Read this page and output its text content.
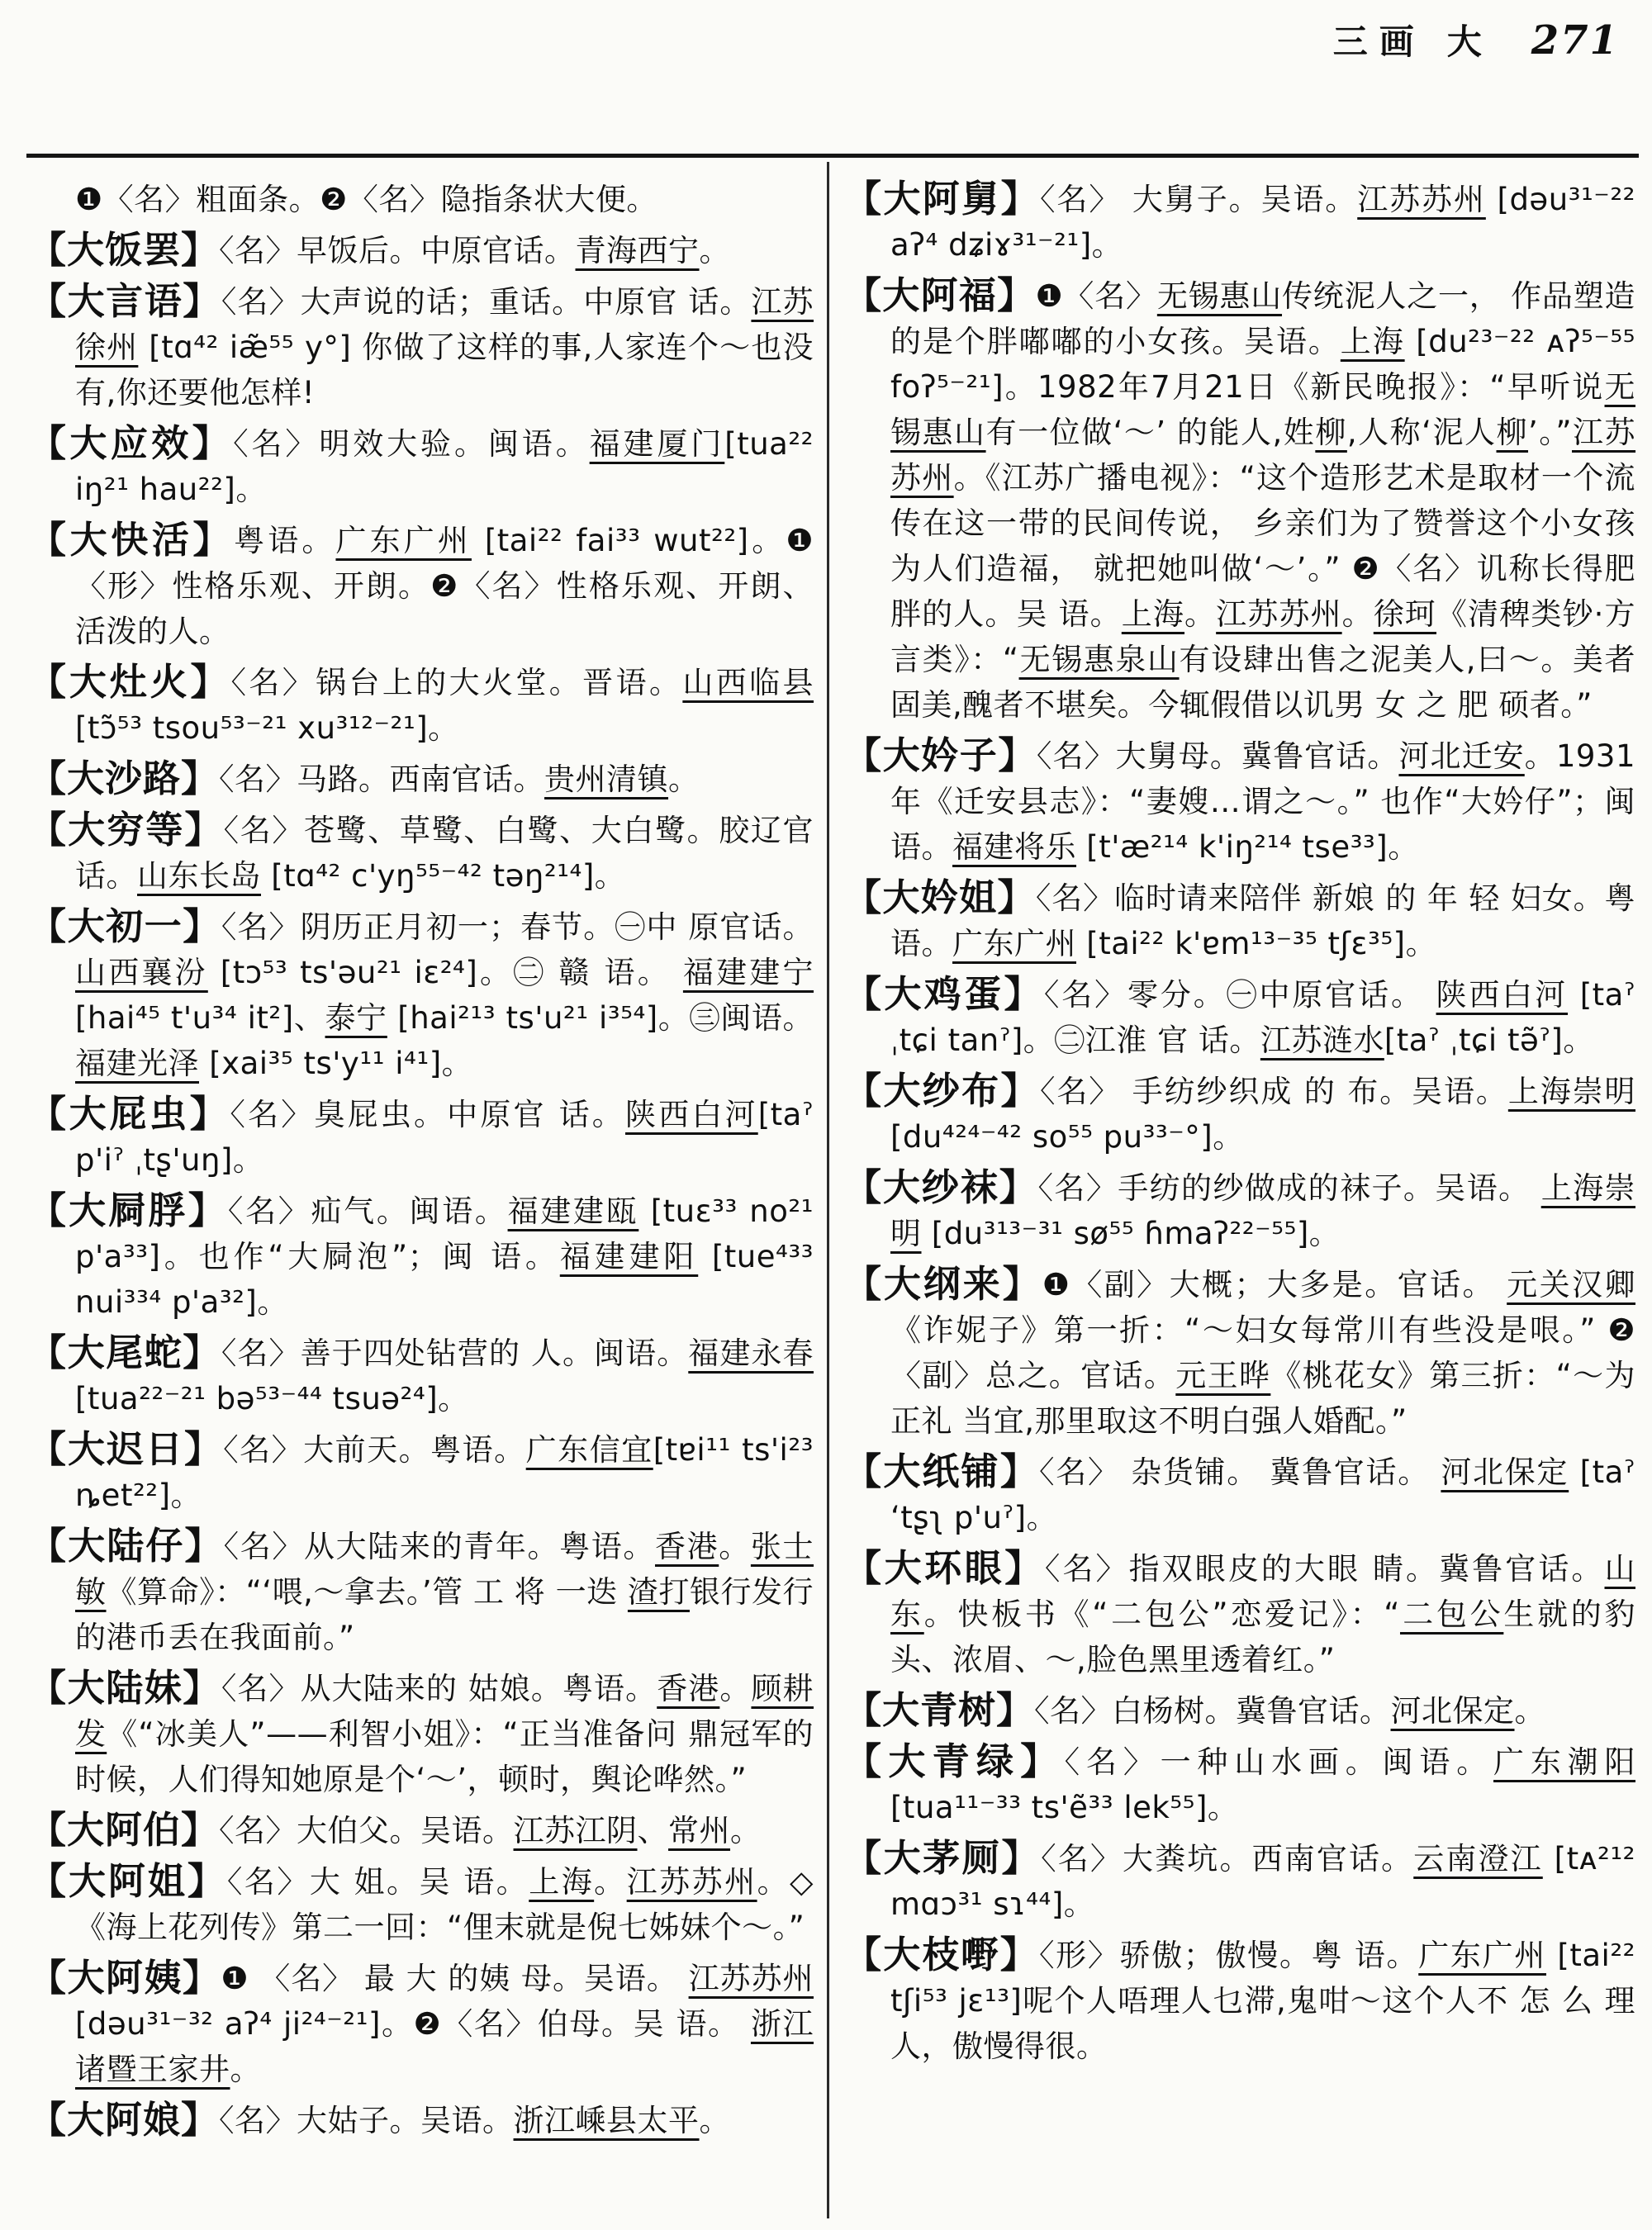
三画 大 271

❶〈名〉粗面条。❷〈名〉隐指条状大便。

【大饭罢】〈名〉早饭后。中原官话。青海西宁。

【大言语】〈名〉大声说的话；重话。中原官 话。江苏徐州 [tɑ⁴² iæ̃⁵⁵ y°] 你做了这样的事,人家连个～也没有,你还要他怎样!

【大应效】〈名〉明效大验。闽语。福建厦门[tua²² iŋ²¹ hau²²]。

【大快活】粤语。广东广州 [tai²² fai³³ wut²²]。❶〈形〉性格乐观、开朗。❷〈名〉性格乐观、开朗、活泼的人。

【大灶火】〈名〉锅台上的大火堂。晋语。山西临县[tɔ̃⁵³ tsou⁵³⁻²¹ xu³¹²⁻²¹]。

【大沙路】〈名〉马路。西南官话。贵州清镇。

【大穷等】〈名〉苍鹭、草鹭、白鹭、大白鹭。胶辽官话。山东长岛 [tɑ⁴² c'yŋ⁵⁵⁻⁴² təŋ²¹⁴]。

【大初一】〈名〉阴历正月初一；春节。㊀中 原官话。山西襄汾 [tɔ⁵³ ts'əu²¹ iɛ²⁴]。㊁ 赣 语。 福建建宁 [hai⁴⁵ t'u³⁴ it²]、泰宁 [hai²¹³ ts'u²¹ i³⁵⁴]。㊂闽语。福建光泽 [xai³⁵ ts'y¹¹ i⁴¹]。

【大屁虫】〈名〉臭屁虫。中原官 话。陕西白河[taˀ p'iˀ ˌtʂ'uŋ]。

【大屙脬】〈名〉疝气。闽语。福建建瓯 [tuɛ³³ no²¹ p'a³³]。也作“大屙泡”；闽 语。福建建阳 [tue⁴³³ nui³³⁴ p'a³²]。

【大尾蛇】〈名〉善于四处钻营的 人。闽语。福建永春 [tua²²⁻²¹ bə⁵³⁻⁴⁴ tsuə²⁴]。

【大迟日】〈名〉大前天。粤语。广东信宜[tɐi¹¹ ts'i²³ ȵet²²]。

【大陆仔】〈名〉从大陆来的青年。粤语。香港。张士敏《算命》：“‘喂,～拿去。’管 工 将 一迭 渣打银行发行的港币丢在我面前。”

【大陆妹】〈名〉从大陆来的 姑娘。粤语。香港。顾耕发《“冰美人”——利智小姐》：“正当准备问 鼎冠军的时候，人们得知她原是个‘～’，顿时，舆论哗然。”

【大阿伯】〈名〉大伯父。吴语。江苏江阴、常州。

【大阿姐】〈名〉大 姐。吴 语。上海。江苏苏州。◇《海上花列传》第二一回：“俚末就是倪七姊妹个～。”

【大阿姨】❶ 〈名〉 最 大 的姨 母。吴语。 江苏苏州 [dəu³¹⁻³² aʔ⁴ ji²⁴⁻²¹]。❷〈名〉伯母。吴 语。 浙江诸暨王家井。

【大阿娘】〈名〉大姑子。吴语。浙江嵊县太平。

【大阿舅】〈名〉 大舅子。吴语。江苏苏州 [dəu³¹⁻²² aʔ⁴ dʑiɤ³¹⁻²¹]。

【大阿福】❶〈名〉无锡惠山传统泥人之一， 作品塑造的是个胖嘟嘟的小女孩。吴语。上海 [du²³⁻²² ᴀʔ⁵⁻⁵⁵ foʔ⁵⁻²¹]。1982年7月21日《新民晚报》：“早听说无锡惠山有一位做‘～’ 的能人,姓柳,人称‘泥人柳’。”江苏苏州。《江苏广播电视》：“这个造形艺术是取材一个流传在这一带的民间传说， 乡亲们为了赞誉这个小女孩为人们造福， 就把她叫做‘～’。” ❷〈名〉讥称长得肥胖的人。吴 语。上海。江苏苏州。徐珂《清稗类钞·方言类》：“无锡惠泉山有设肆出售之泥美人,曰～。美者固美,醜者不堪矣。今辄假借以讥男 女 之 肥 硕者。”

【大妗子】〈名〉大舅母。冀鲁官话。河北迁安。1931年《迁安县志》：“妻嫂…谓之～。” 也作“大妗仔”；闽语。福建将乐 [t'æ²¹⁴ k'iŋ²¹⁴ tse³³]。

【大妗姐】〈名〉临时请来陪伴 新娘 的 年 轻 妇女。粤语。广东广州 [tai²² k'ɐm¹³⁻³⁵ tʃɛ³⁵]。

【大鸡蛋】〈名〉零分。㊀中原官话。 陕西白河 [taˀ ˌtɕi tanˀ]。㊁江淮 官 话。江苏涟水[taˀ ˌtɕi tə̃ˀ]。

【大纱布】〈名〉 手纺纱织成 的 布。吴语。上海崇明 [du⁴²⁴⁻⁴² so⁵⁵ pu³³⁻°]。

【大纱袜】〈名〉手纺的纱做成的袜子。吴语。 上海崇明 [du³¹³⁻³¹ sø⁵⁵ ɦmaʔ²²⁻⁵⁵]。

【大纲来】❶〈副〉大概；大多是。官话。 元关汉卿《诈妮子》第一折：“～妇女每常川有些没是哏。” ❷ 〈副〉总之。官话。元王晔《桃花女》第三折：“～为正礼 当宜,那里取这不明白强人婚配。”

【大纸铺】〈名〉 杂货铺。 冀鲁官话。 河北保定 [taˀ ‘tʂʅ p'uˀ]。

【大环眼】〈名〉指双眼皮的大眼 睛。冀鲁官话。山东。快板书《“二包公”恋爱记》：“二包公生就的豹头、浓眉、～,脸色黑里透着红。”

【大青树】〈名〉白杨树。冀鲁官话。河北保定。

【大青绿】〈名〉一种山水画。闽语。广东潮阳[tua¹¹⁻³³ ts'ẽ³³ lek⁵⁵]。

【大茅厕】〈名〉大粪坑。西南官话。云南澄江 [tᴀ²¹² mɑɔ³¹ sɿ⁴⁴]。

【大枝嘢】〈形〉骄傲；傲慢。粤 语。广东广州 [tai²² tʃi⁵³ jɛ¹³]呢个人唔理人乜滞,鬼咁～这个人不 怎 么 理人，傲慢得很。
